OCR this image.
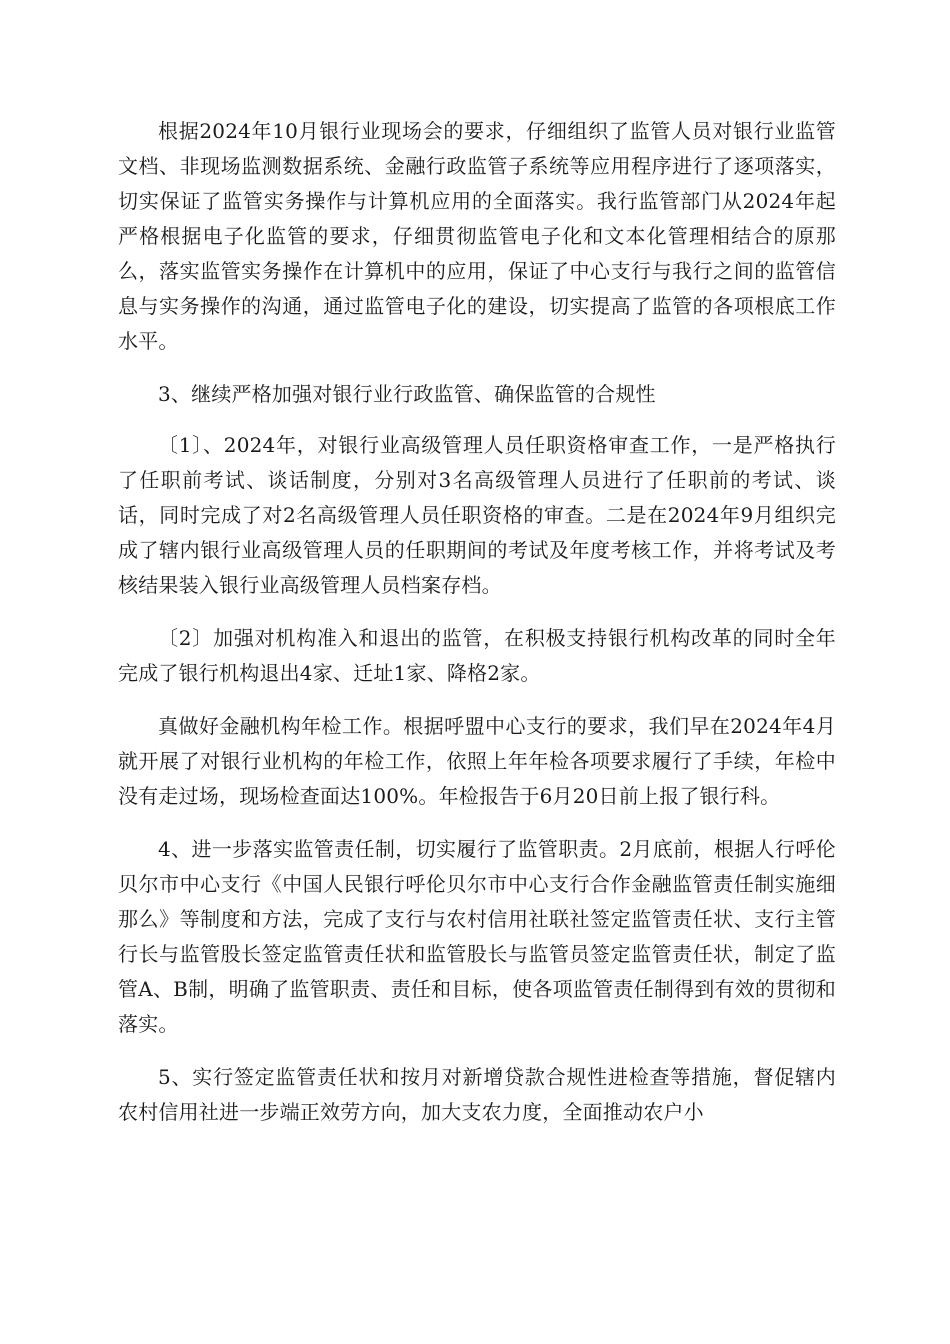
根据2024年10月银行业现场会的要求，仔细组织了监管人员对银行业监管文档、非现场监测数据系统、金融行政监管子系统等应用程序进行了逐项落实，切实保证了监管实务操作与计算机应用的全面落实。我行监管部门从2024年起严格根据电子化监管的要求，仔细贯彻监管电子化和文本化管理相结合的原那么，落实监管实务操作在计算机中的应用，保证了中心支行与我行之间的监管信息与实务操作的沟通，通过监管电子化的建设，切实提高了监管的各项根底工作水平。

3、继续严格加强对银行业行政监管、确保监管的合规性

〔1〕、2024年，对银行业高级管理人员任职资格审查工作，一是严格执行了任职前考试、谈话制度，分别对3名高级管理人员进行了任职前的考试、谈话，同时完成了对2名高级管理人员任职资格的审查。二是在2024年9月组织完成了辖内银行业高级管理人员的任职期间的考试及年度考核工作，并将考试及考核结果装入银行业高级管理人员档案存档。

〔2〕加强对机构准入和退出的监管，在积极支持银行机构改革的同时全年完成了银行机构退出4家、迁址1家、降格2家。

真做好金融机构年检工作。根据呼盟中心支行的要求，我们早在2024年4月就开展了对银行业机构的年检工作，依照上年年检各项要求履行了手续，年检中没有走过场，现场检查面达100%。年检报告于6月20日前上报了银行科。

4、进一步落实监管责任制，切实履行了监管职责。2月底前，根据人行呼伦贝尔市中心支行《中国人民银行呼伦贝尔市中心支行合作金融监管责任制实施细那么》等制度和方法，完成了支行与农村信用社联社签定监管责任状、支行主管行长与监管股长签定监管责任状和监管股长与监管员签定监管责任状，制定了监管A、B制，明确了监管职责、责任和目标，使各项监管责任制得到有效的贯彻和落实。

5、实行签定监管责任状和按月对新增贷款合规性进检查等措施，督促辖内农村信用社进一步端正效劳方向，加大支农力度，全面推动农户小
